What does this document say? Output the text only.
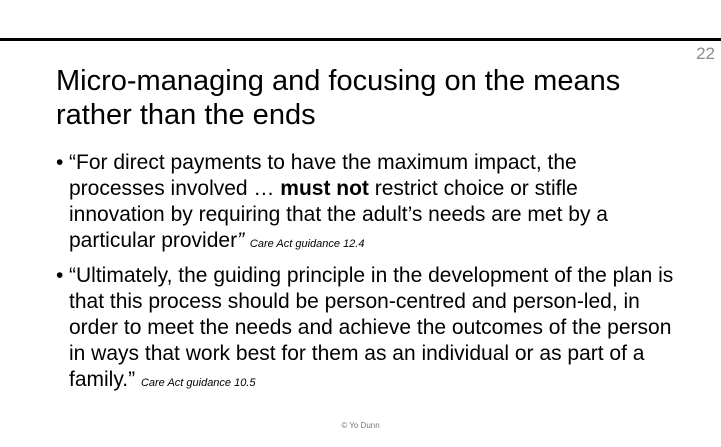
22
Micro-managing and focusing on the means rather than the ends
• “For direct payments to have the maximum impact, the processes involved … must not restrict choice or stifle innovation by requiring that the adult’s needs are met by a particular provider” Care Act guidance 12.4
• “Ultimately, the guiding principle in the development of the plan is that this process should be person-centred and person-led, in order to meet the needs and achieve the outcomes of the person in ways that work best for them as an individual or as part of a family.” Care Act guidance 10.5
© Yo Dunn
